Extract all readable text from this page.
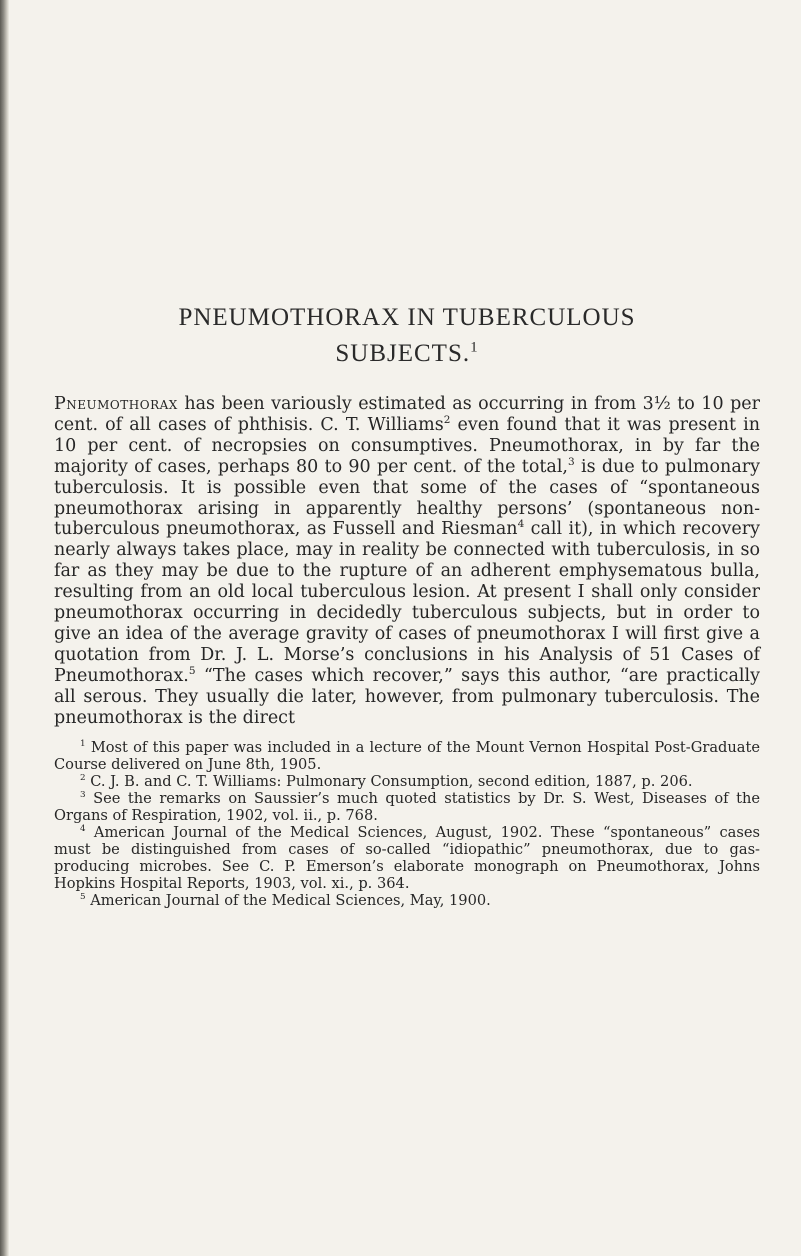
PNEUMOTHORAX IN TUBERCULOUS
SUBJECTS.$^1$
Pneumothorax has been variously estimated as occurring in from 3½ to 10 per cent. of all cases of phthisis. C. T. Williams$^2$ even found that it was present in 10 per cent. of necropsies on consumptives. Pneumothorax, in by far the majority of cases, perhaps 80 to 90 per cent. of the total,$^3$ is due to pulmonary tuberculosis. It is possible even that some of the cases of “spontaneous pneumothorax arising in apparently healthy persons’ (spontaneous non-tuberculous pneumothorax, as Fussell and Riesman$^4$ call it), in which recovery nearly always takes place, may in reality be connected with tuberculosis, in so far as they may be due to the rupture of an adherent emphysematous bulla, resulting from an old local tuberculous lesion. At present I shall only consider pneumothorax occurring in decidedly tuberculous subjects, but in order to give an idea of the average gravity of cases of pneumothorax I will first give a quotation from Dr. J. L. Morse’s conclusions in his Analysis of 51 Cases of Pneumothorax.$^5$ “The cases which recover,” says this author, “are practically all serous. They usually die later, however, from pulmonary tuberculosis. The pneumothorax is the direct
$^1$ Most of this paper was included in a lecture of the Mount Vernon Hospital Post-Graduate Course delivered on June 8th, 1905.
$^2$ C. J. B. and C. T. Williams: Pulmonary Consumption, second edition, 1887, p. 206.
$^3$ See the remarks on Saussier’s much quoted statistics by Dr. S. West, Diseases of the Organs of Respiration, 1902, vol. ii., p. 768.
$^4$ American Journal of the Medical Sciences, August, 1902. These “spontaneous” cases must be distinguished from cases of so-called “idiopathic” pneumothorax, due to gas-producing microbes. See C. P. Emerson’s elaborate monograph on Pneumothorax, Johns Hopkins Hospital Reports, 1903, vol. xi., p. 364.
$^5$ American Journal of the Medical Sciences, May, 1900.
